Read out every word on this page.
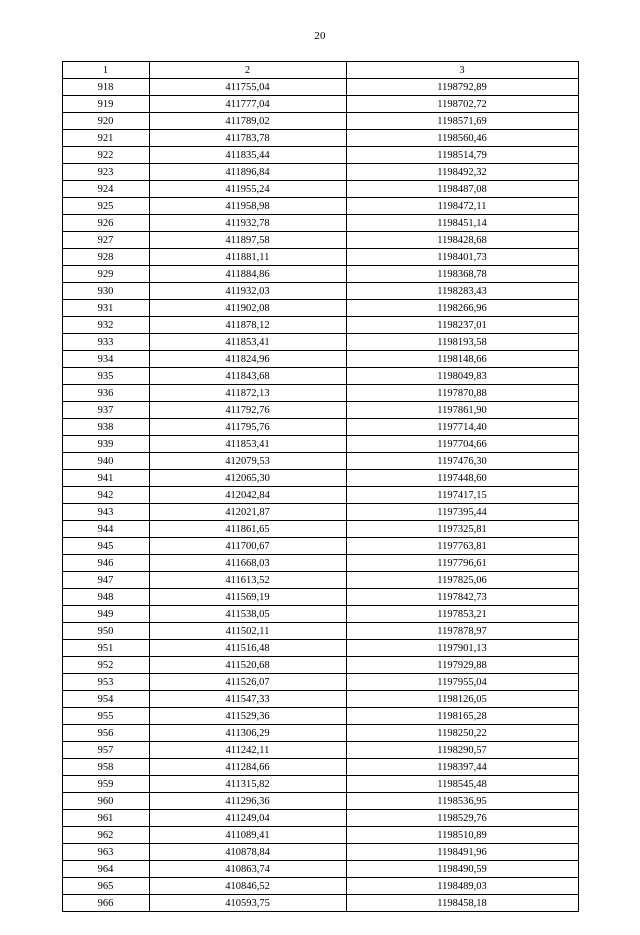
20
1	2	3
918	411755,04	1198792,89
919	411777,04	1198702,72
920	411789,02	1198571,69
921	411783,78	1198560,46
922	411835,44	1198514,79
923	411896,84	1198492,32
924	411955,24	1198487,08
925	411958,98	1198472,11
926	411932,78	1198451,14
927	411897,58	1198428,68
928	411881,11	1198401,73
929	411884,86	1198368,78
930	411932,03	1198283,43
931	411902,08	1198266,96
932	411878,12	1198237,01
933	411853,41	1198193,58
934	411824,96	1198148,66
935	411843,68	1198049,83
936	411872,13	1197870,88
937	411792,76	1197861,90
938	411795,76	1197714,40
939	411853,41	1197704,66
940	412079,53	1197476,30
941	412065,30	1197448,60
942	412042,84	1197417,15
943	412021,87	1197395,44
944	411861,65	1197325,81
945	411700,67	1197763,81
946	411668,03	1197796,61
947	411613,52	1197825,06
948	411569,19	1197842,73
949	411538,05	1197853,21
950	411502,11	1197878,97
951	411516,48	1197901,13
952	411520,68	1197929,88
953	411526,07	1197955,04
954	411547,33	1198126,05
955	411529,36	1198165,28
956	411306,29	1198250,22
957	411242,11	1198290,57
958	411284,66	1198397,44
959	411315,82	1198545,48
960	411296,36	1198536,95
961	411249,04	1198529,76
962	411089,41	1198510,89
963	410878,84	1198491,96
964	410863,74	1198490,59
965	410846,52	1198489,03
966	410593,75	1198458,18
